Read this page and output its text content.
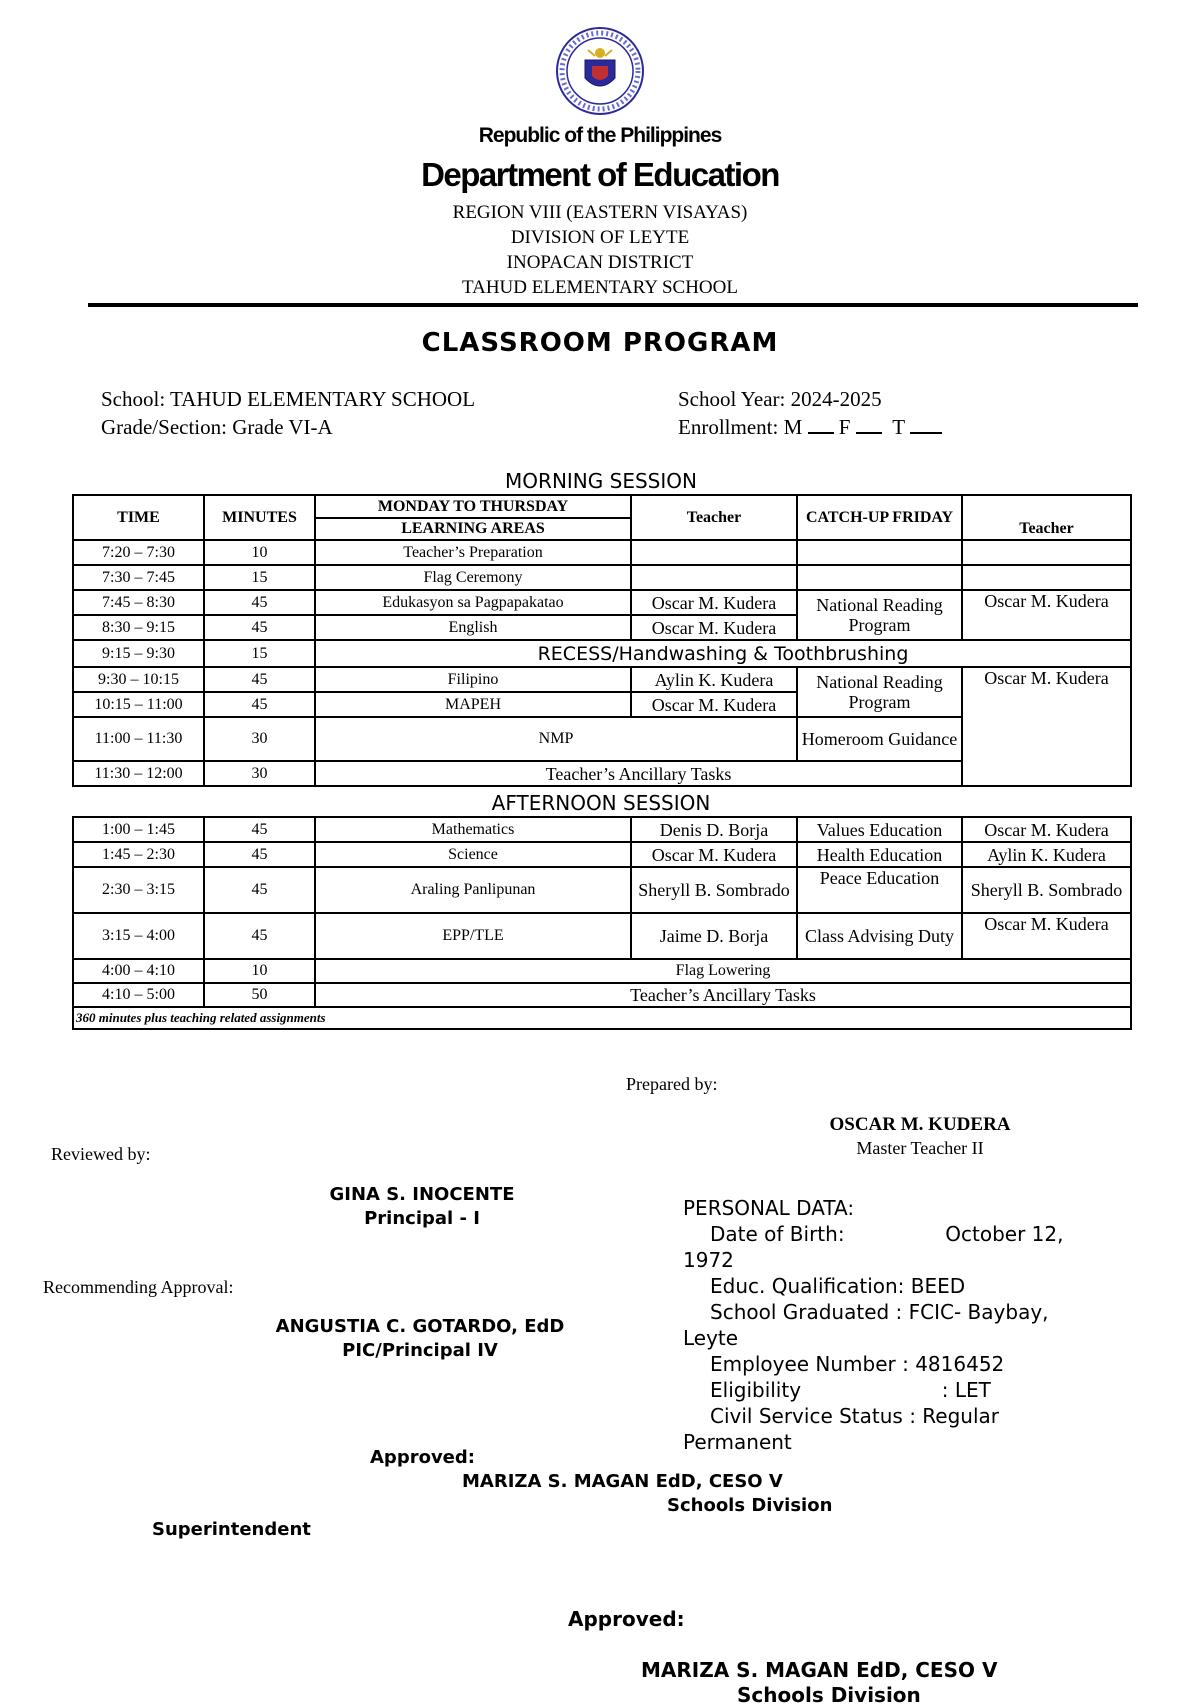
Republic of the Philippines
Department of Education
REGION VIII (EASTERN VISAYAS)
DIVISION OF LEYTE
INOPACAN DISTRICT
TAHUD ELEMENTARY SCHOOL
CLASSROOM PROGRAM
School: TAHUD ELEMENTARY SCHOOL
Grade/Section: Grade VI-A
School Year: 2024-2025
Enrollment: M F T
MORNING SESSION
TIME	MINUTES	MONDAY TO THURSDAY	Teacher	CATCH-UP FRIDAY	Teacher
		LEARNING AREAS			
7:20 – 7:30	10	Teacher’s Preparation			
7:30 – 7:45	15	Flag Ceremony			
7:45 – 8:30	45	Edukasyon sa Pagpapakatao	Oscar M. Kudera	National Reading Program	Oscar M. Kudera
8:30 – 9:15	45	English	Oscar M. Kudera		
9:15 – 9:30	15	RECESS/Handwashing & Toothbrushing			
9:30 – 10:15	45	Filipino	Aylin K. Kudera	National Reading Program	Oscar M. Kudera
10:15 – 11:00	45	MAPEH	Oscar M. Kudera		
11:00 – 11:30	30	NMP		Homeroom Guidance	
11:30 – 12:00	30	Teacher’s Ancillary Tasks			
AFTERNOON SESSION
1:00 – 1:45	45	Mathematics	Denis D. Borja	Values Education	Oscar M. Kudera
1:45 – 2:30	45	Science	Oscar M. Kudera	Health Education	Aylin K. Kudera
2:30 – 3:15	45	Araling Panlipunan	Sheryll B. Sombrado	Peace Education	Sheryll B. Sombrado
3:15 – 4:00	45	EPP/TLE	Jaime D. Borja	Class Advising Duty	Oscar M. Kudera
4:00 – 4:10	10	Flag Lowering			
4:10 – 5:00	50	Teacher’s Ancillary Tasks			
360 minutes plus teaching related assignments					
Prepared by:
OSCAR M. KUDERA
Master Teacher II
Reviewed by:
GINA S. INOCENTE
Principal - I
Recommending Approval:
ANGUSTIA C. GOTARDO, EdD
PIC/Principal IV
Approved:
MARIZA S. MAGAN EdD, CESO V
Schools Division
Superintendent
Approved:
MARIZA S. MAGAN EdD, CESO V
Schools Division
PERSONAL DATA:
Date of Birth:	October 12,
1972
Educ. Qualification: BEED
School Graduated : FCIC- Baybay,
Leyte
Employee Number : 4816452
Eligibility	: LET
Civil Service Status : Regular
Permanent
